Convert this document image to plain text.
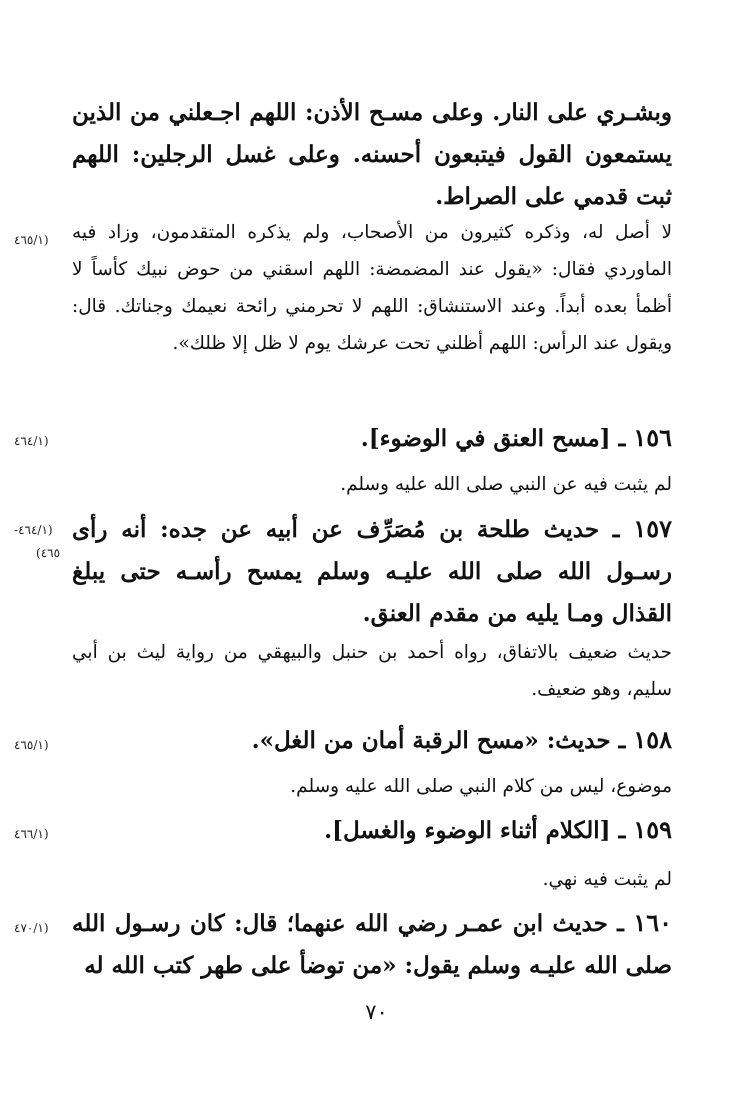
وبشـري على النار. وعلى مسـح الأذن: اللهم اجـعلني من الذين يستمعون القول فيتبعون أحسنه. وعلى غسل الرجلين: اللهم ثبت قدمي على الصراط.
(٤٦٥/١	لا أصل له، وذكره كثيرون من الأصحاب، ولم يذكره المتقدمون، وزاد فيه الماوردي فقال: «يقول عند المضمضة: اللهم اسقني من حوض نبيك كأساً لا أظمأ بعده أبداً. وعند الاستنشاق: اللهم لا تحرمني رائحة نعيمك وجناتك. قال: ويقول عند الرأس: اللهم أظلني تحت عرشك يوم لا ظل إلا ظلك».
(٤٦٤/١	١٥٦ ـ [مسح العنق في الوضوء].
لم يثبت فيه عن النبي صلى الله عليه وسلم.
(٤٦٤/١-
٤٦٥)
١٥٧ ـ حديث طلحة بن مُصَرِّف عن أبيه عن جده: أنه رأى رسـول الله صلى الله عليـه وسلم يمسح رأسـه حتى يبلغ القذال ومـا يليه من مقدم العنق.
حديث ضعيف بالاتفاق، رواه أحمد بن حنبل والبيهقي من رواية ليث بن أبي سليم، وهو ضعيف.
(٤٦٥/١	١٥٨ ـ حديث: «مسح الرقبة أمان من الغل».
موضوع، ليس من كلام النبي صلى الله عليه وسلم.
(٤٦٦/١	١٥٩ ـ [الكلام أثناء الوضوء والغسل].
لم يثبت فيه نهي.
(٤٧٠/١	١٦٠ ـ حديث ابن عمـر رضي الله عنهما؛ قال: كان رسـول الله صلى الله عليـه وسلم يقول: «من توضأ على طهر كتب الله له
٧٠
